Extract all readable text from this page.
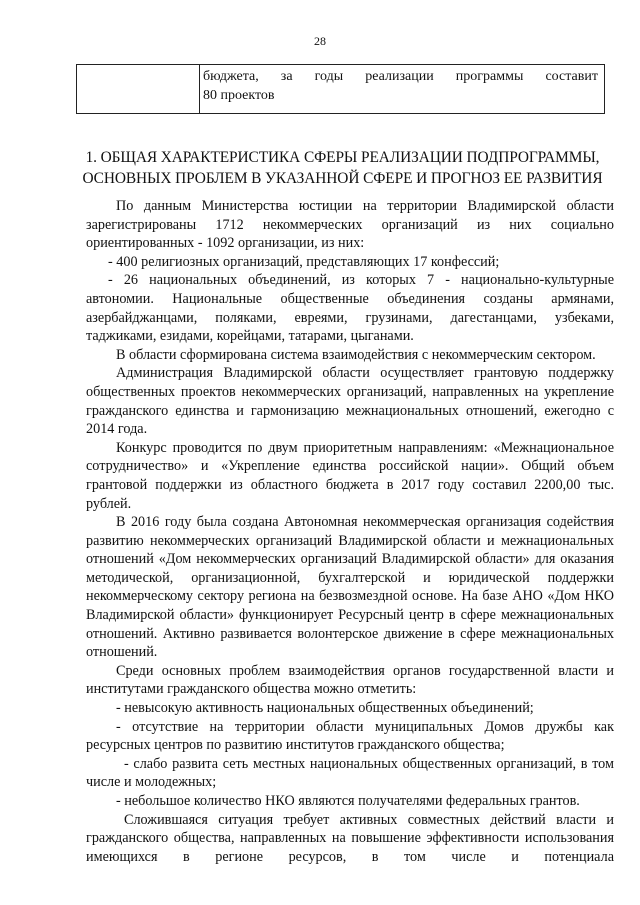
28

бюджета, за годы реализации программы составит
80 проектов
1. ОБЩАЯ ХАРАКТЕРИСТИКА СФЕРЫ РЕАЛИЗАЦИИ ПОДПРОГРАММЫ,
ОСНОВНЫХ ПРОБЛЕМ В УКАЗАННОЙ СФЕРЕ И ПРОГНОЗ ЕЕ РАЗВИТИЯ

По данным Министерства юстиции на территории Владимирской области зарегистрированы 1712 некоммерческих организаций из них социально ориентированных - 1092 организации, из них:

- 400 религиозных организаций, представляющих 17 конфессий;

- 26 национальных объединений, из которых 7 - национально-культурные автономии. Национальные общественные объединения созданы армянами, азербайджанцами, поляками, евреями, грузинами, дагестанцами, узбеками, таджиками, езидами, корейцами, татарами, цыганами.

В области сформирована система взаимодействия с некоммерческим сектором.

Администрация Владимирской области осуществляет грантовую поддержку общественных проектов некоммерческих организаций, направленных на укрепление гражданского единства и гармонизацию межнациональных отношений, ежегодно с 2014 года.

Конкурс проводится по двум приоритетным направлениям: «Межнациональное сотрудничество» и «Укрепление единства российской нации». Общий объем грантовой поддержки из областного бюджета в 2017 году составил 2200,00 тыс. рублей.

В 2016 году была создана Автономная некоммерческая организация содействия развитию некоммерческих организаций Владимирской области и межнациональных отношений «Дом некоммерческих организаций Владимирской области» для оказания методической, организационной, бухгалтерской и юридической поддержки некоммерческому сектору региона на безвозмездной основе. На базе АНО «Дом НКО Владимирской области» функционирует Ресурсный центр в сфере межнациональных отношений. Активно развивается волонтерское движение в сфере межнациональных отношений.

Среди основных проблем взаимодействия органов государственной власти и институтами гражданского общества можно отметить:

- невысокую активность национальных общественных объединений;

- отсутствие на территории области муниципальных Домов дружбы как ресурсных центров по развитию институтов гражданского общества;

- слабо развита сеть местных национальных общественных организаций, в том числе и молодежных;

- небольшое количество НКО являются получателями федеральных грантов.

Сложившаяся ситуация требует активных совместных действий власти и гражданского общества, направленных на повышение эффективности использования имеющихся в регионе ресурсов, в том числе и потенциала
